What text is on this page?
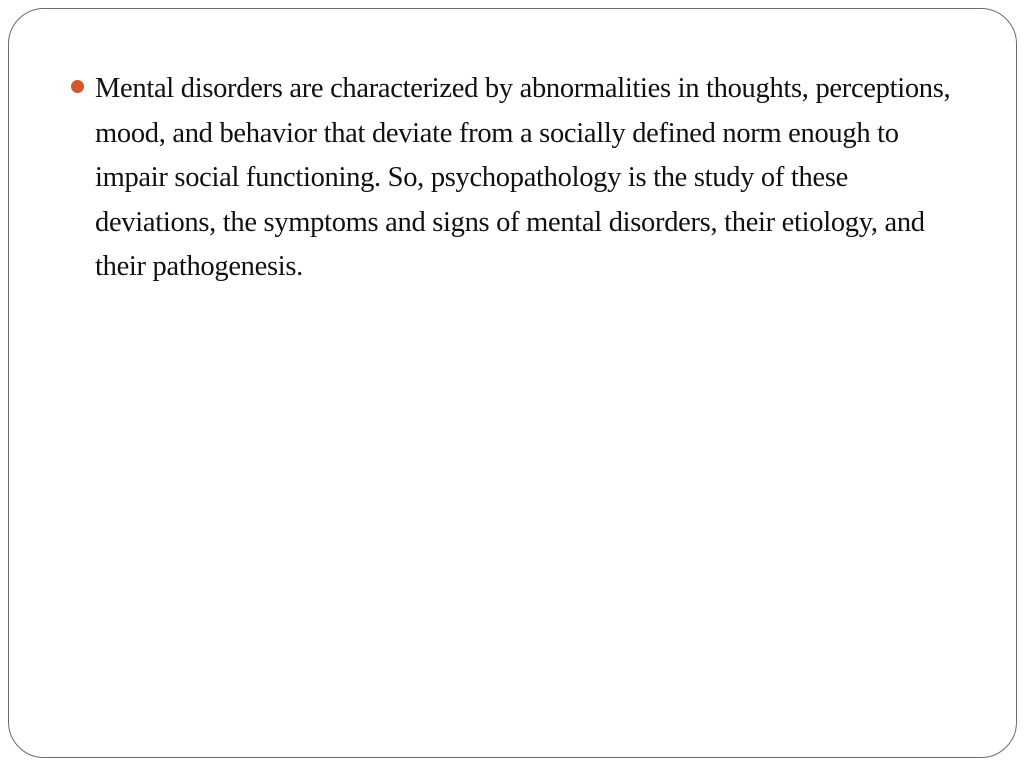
Mental disorders are characterized by abnormalities in thoughts, perceptions, mood, and behavior that deviate from a socially defined norm enough to impair social functioning. So, psychopathology is the study of these deviations, the symptoms and signs of mental disorders, their etiology, and their pathogenesis.
